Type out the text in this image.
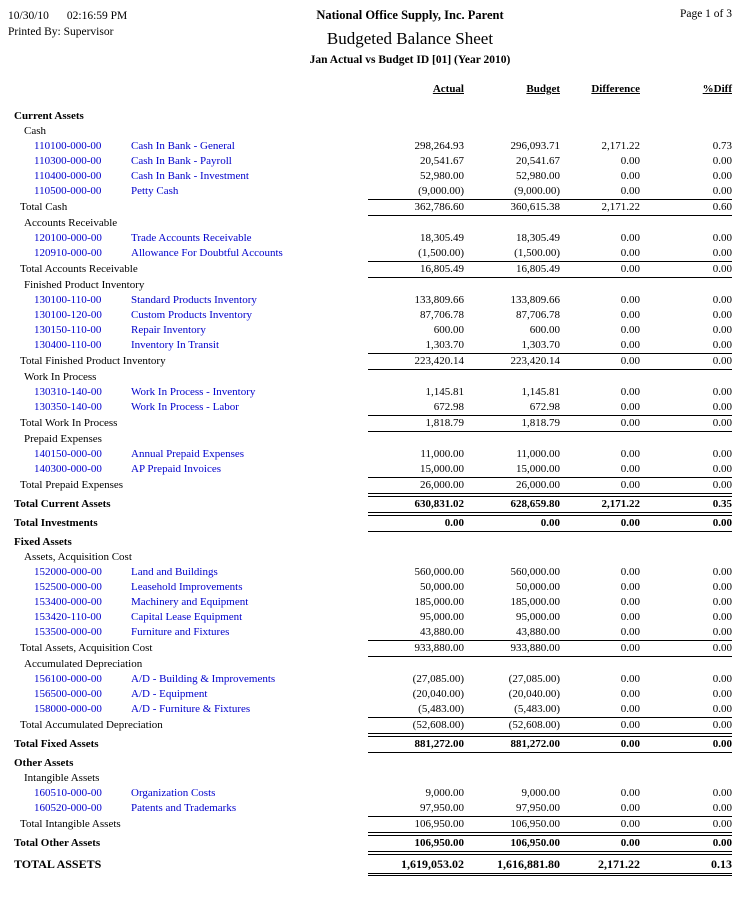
10/30/10 02:16:59 PM
Printed By: Supervisor
National Office Supply, Inc. Parent
Budgeted Balance Sheet
Jan Actual vs Budget ID [01] (Year 2010)
Page 1 of 3
Actual	Budget	Difference	%Diff
Current Assets
Cash
110100-000-00	Cash In Bank - General	298,264.93	296,093.71	2,171.22	0.73
110300-000-00	Cash In Bank - Payroll	20,541.67	20,541.67	0.00	0.00
110400-000-00	Cash In Bank - Investment	52,980.00	52,980.00	0.00	0.00
110500-000-00	Petty Cash	(9,000.00)	(9,000.00)	0.00	0.00
Total Cash	362,786.60	360,615.38	2,171.22	0.60
Accounts Receivable
120100-000-00	Trade Accounts Receivable	18,305.49	18,305.49	0.00	0.00
120910-000-00	Allowance For Doubtful Accounts	(1,500.00)	(1,500.00)	0.00	0.00
Total Accounts Receivable	16,805.49	16,805.49	0.00	0.00
Finished Product Inventory
130100-110-00	Standard Products Inventory	133,809.66	133,809.66	0.00	0.00
130100-120-00	Custom Products Inventory	87,706.78	87,706.78	0.00	0.00
130150-110-00	Repair Inventory	600.00	600.00	0.00	0.00
130400-110-00	Inventory In Transit	1,303.70	1,303.70	0.00	0.00
Total Finished Product Inventory	223,420.14	223,420.14	0.00	0.00
Work In Process
130310-140-00	Work In Process - Inventory	1,145.81	1,145.81	0.00	0.00
130350-140-00	Work In Process - Labor	672.98	672.98	0.00	0.00
Total Work In Process	1,818.79	1,818.79	0.00	0.00
Prepaid Expenses
140150-000-00	Annual Prepaid Expenses	11,000.00	11,000.00	0.00	0.00
140300-000-00	AP Prepaid Invoices	15,000.00	15,000.00	0.00	0.00
Total Prepaid Expenses	26,000.00	26,000.00	0.00	0.00
Total Current Assets	630,831.02	628,659.80	2,171.22	0.35
Total Investments	0.00	0.00	0.00	0.00
Fixed Assets
Assets, Acquisition Cost
152000-000-00	Land and Buildings	560,000.00	560,000.00	0.00	0.00
152500-000-00	Leasehold Improvements	50,000.00	50,000.00	0.00	0.00
153400-000-00	Machinery and Equipment	185,000.00	185,000.00	0.00	0.00
153420-110-00	Capital Lease Equipment	95,000.00	95,000.00	0.00	0.00
153500-000-00	Furniture and Fixtures	43,880.00	43,880.00	0.00	0.00
Total Assets, Acquisition Cost	933,880.00	933,880.00	0.00	0.00
Accumulated Depreciation
156100-000-00	A/D - Building & Improvements	(27,085.00)	(27,085.00)	0.00	0.00
156500-000-00	A/D - Equipment	(20,040.00)	(20,040.00)	0.00	0.00
158000-000-00	A/D - Furniture & Fixtures	(5,483.00)	(5,483.00)	0.00	0.00
Total Accumulated Depreciation	(52,608.00)	(52,608.00)	0.00	0.00
Total Fixed Assets	881,272.00	881,272.00	0.00	0.00
Other Assets
Intangible Assets
160510-000-00	Organization Costs	9,000.00	9,000.00	0.00	0.00
160520-000-00	Patents and Trademarks	97,950.00	97,950.00	0.00	0.00
Total Intangible Assets	106,950.00	106,950.00	0.00	0.00
Total Other Assets	106,950.00	106,950.00	0.00	0.00
TOTAL ASSETS	1,619,053.02	1,616,881.80	2,171.22	0.13
